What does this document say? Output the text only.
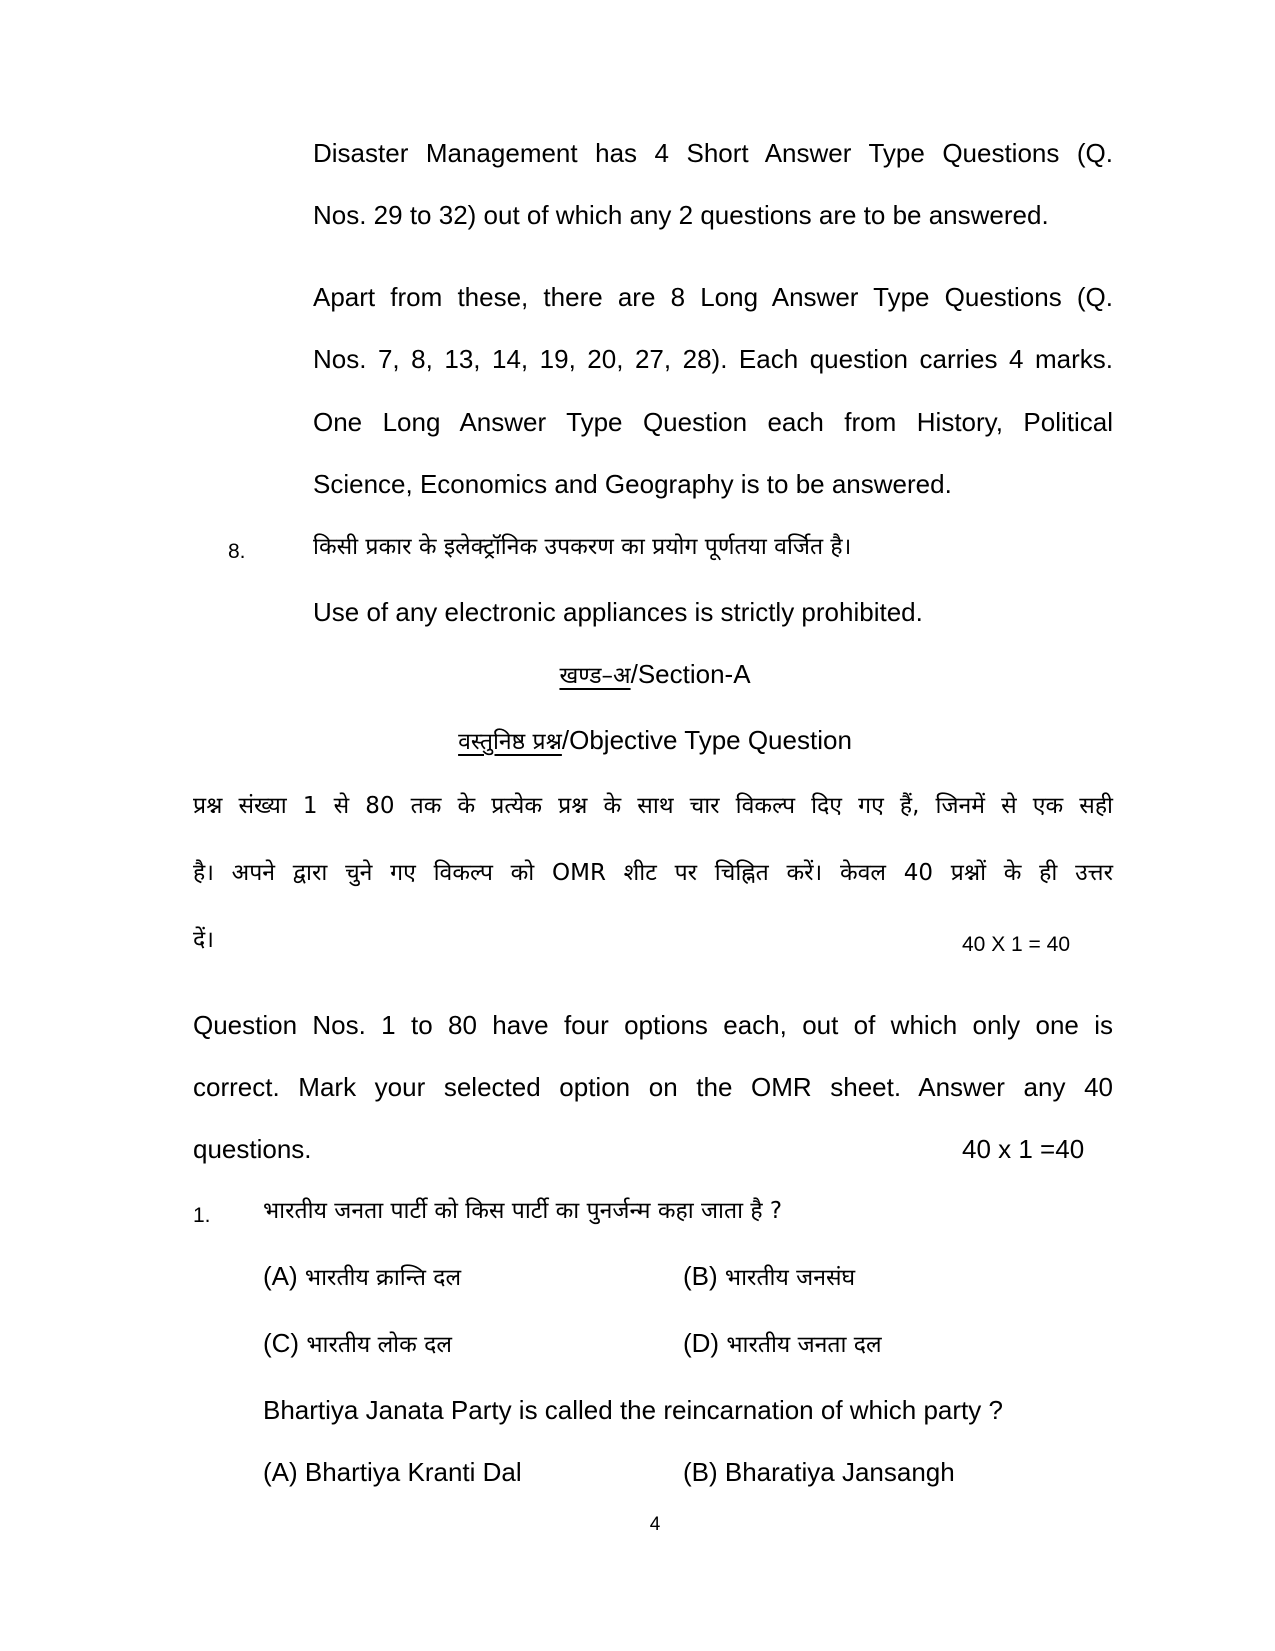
Disaster Management has 4 Short Answer Type Questions (Q.
Nos. 29 to 32) out of which any 2 questions are to be answered.
Apart from these, there are 8 Long Answer Type Questions (Q.
Nos. 7, 8, 13, 14, 19, 20, 27, 28). Each question carries 4 marks.
One Long Answer Type Question each from History, Political
Science, Economics and Geography is to be answered.
8.	किसी प्रकार के इलेक्ट्रॉनिक उपकरण का प्रयोग पूर्णतया वर्जित है।
Use of any electronic appliances is strictly prohibited.
खण्ड–अ/Section-A
वस्तुनिष्ठ प्रश्न/Objective Type Question
प्रश्न संख्या 1 से 80 तक के प्रत्येक प्रश्न के साथ चार विकल्प दिए गए हैं, जिनमें से एक सही
है। अपने द्वारा चुने गए विकल्प को OMR शीट पर चिह्नित करें। केवल 40 प्रश्नों के ही उत्तर
दें।	40 X 1 = 40
Question Nos. 1 to 80 have four options each, out of which only one is
correct. Mark your selected option on the OMR sheet. Answer any 40
questions.	40 x 1 =40
1. भारतीय जनता पार्टी को किस पार्टी का पुनर्जन्म कहा जाता है ?
(A) भारतीय क्रान्ति दल	(B) भारतीय जनसंघ
(C) भारतीय लोक दल	(D) भारतीय जनता दल
Bhartiya Janata Party is called the reincarnation of which party ?
(A) Bhartiya Kranti Dal	(B) Bharatiya Jansangh
4
